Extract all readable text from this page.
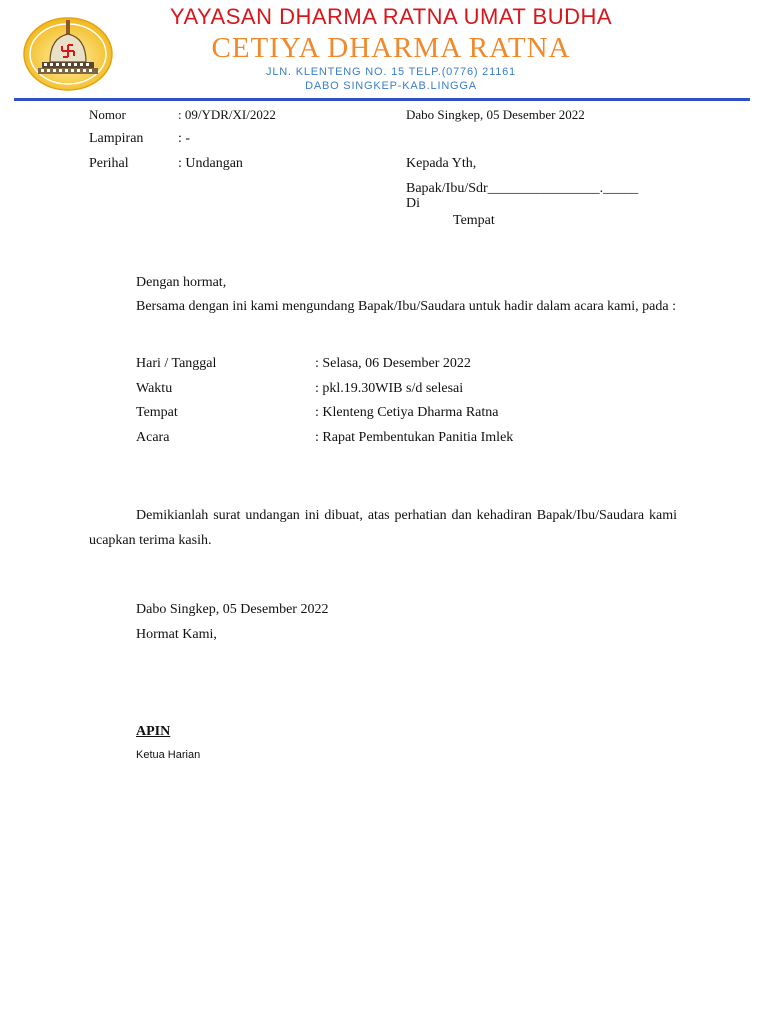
YAYASAN DHARMA RATNA UMAT BUDHA
CETIYA DHARMA RATNA
JLN. KLENTENG NO. 15 TELP.(0776) 21161
DABO SINGKEP-KAB.LINGGA
Nomor	: 09/YDR/XI/2022	Dabo Singkep, 05 Desember 2022
Lampiran : -
Perihal	: Undangan	Kepada Yth,
Bapak/Ibu/Sdr________________._____
Di
Tempat
Dengan hormat,
Bersama dengan ini kami mengundang Bapak/Ibu/Saudara untuk hadir dalam acara kami, pada :
Hari / Tanggal	: Selasa, 06 Desember 2022
Waktu	: pkl.19.30WIB s/d selesai
Tempat	: Klenteng Cetiya Dharma Ratna
Acara	: Rapat Pembentukan Panitia Imlek
Demikianlah surat undangan ini dibuat, atas perhatian dan kehadiran Bapak/Ibu/Saudara kami ucapkan terima kasih.
Dabo Singkep, 05 Desember 2022
Hormat Kami,
APIN
Ketua Harian
